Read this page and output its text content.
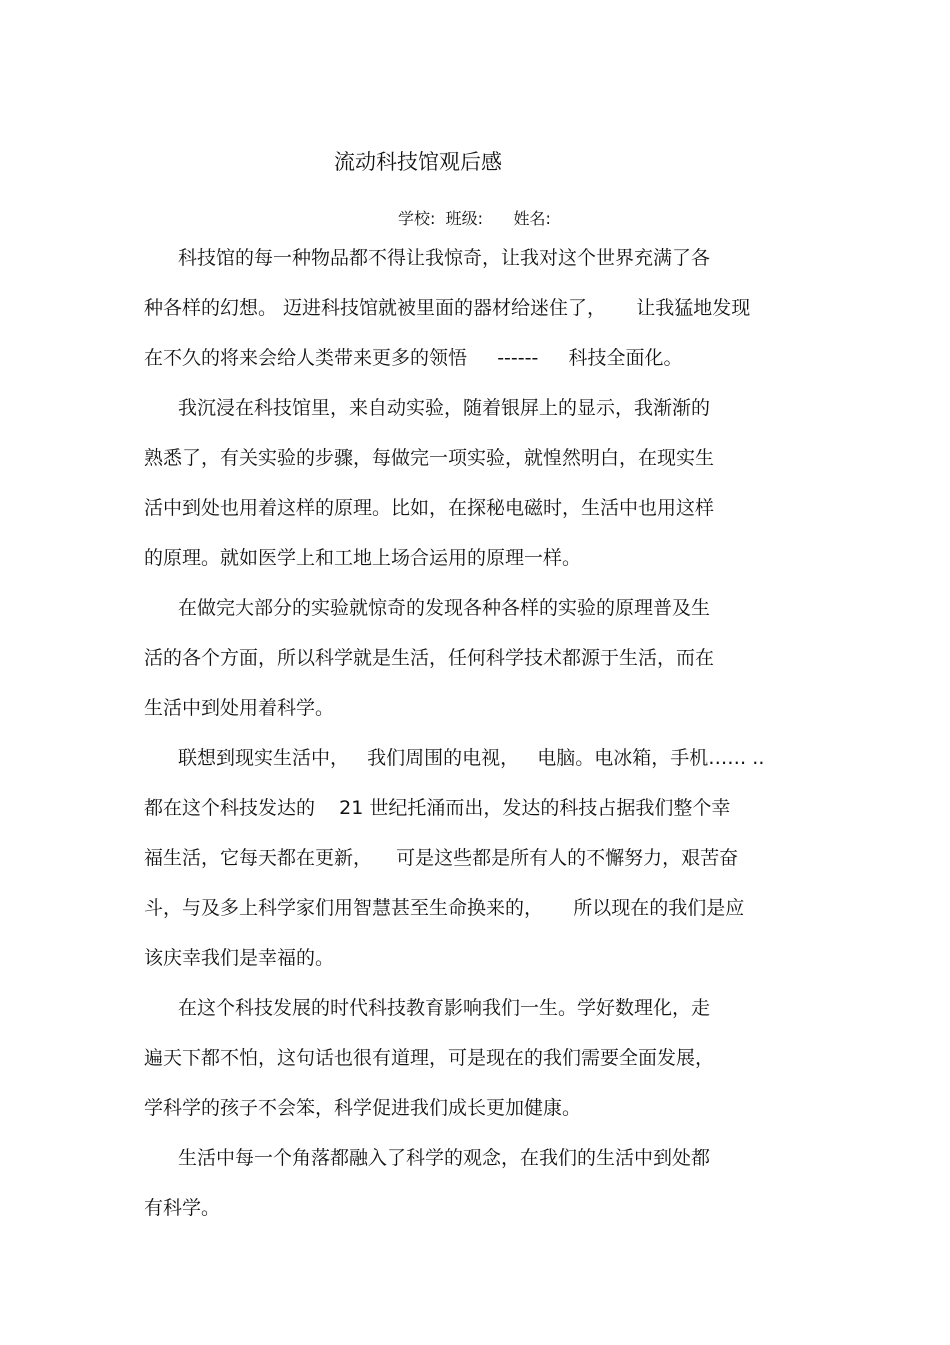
流动科技馆观后感
学校:  班级:      姓名:
科技馆的每一种物品都不得让我惊奇，让我对这个世界充满了各
种各样的幻想。 迈进科技馆就被里面的器材给迷住了，     让我猛地发现
在不久的将来会给人类带来更多的领悟     ------     科技全面化。
我沉浸在科技馆里，来自动实验，随着银屏上的显示，我渐渐的
熟悉了，有关实验的步骤，每做完一项实验，就惶然明白，在现实生
活中到处也用着这样的原理。比如，在探秘电磁时，生活中也用这样
的原理。就如医学上和工地上场合运用的原理一样。
在做完大部分的实验就惊奇的发现各种各样的实验的原理普及生
活的各个方面，所以科学就是生活，任何科学技术都源于生活，而在
生活中到处用着科学。
联想到现实生活中，   我们周围的电视，   电脑。电冰箱，手机…… ..
都在这个科技发达的    21 世纪托涌而出，发达的科技占据我们整个幸
福生活，它每天都在更新，    可是这些都是所有人的不懈努力，艰苦奋
斗，与及多上科学家们用智慧甚至生命换来的，     所以现在的我们是应
该庆幸我们是幸福的。
在这个科技发展的时代科技教育影响我们一生。学好数理化，走
遍天下都不怕，这句话也很有道理，可是现在的我们需要全面发展，
学科学的孩子不会笨，科学促进我们成长更加健康。
生活中每一个角落都融入了科学的观念，在我们的生活中到处都
有科学。
